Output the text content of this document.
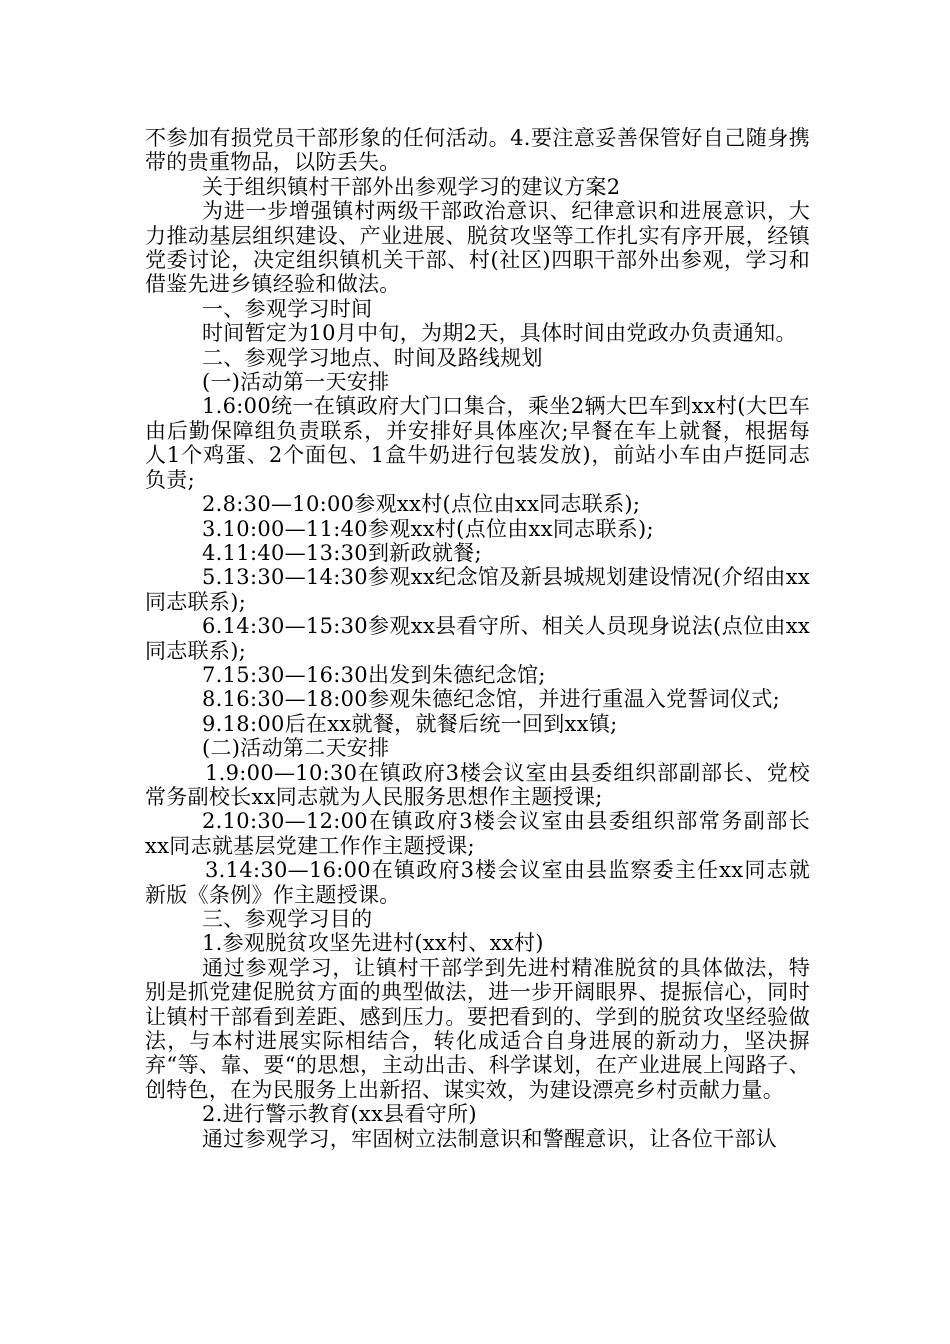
不参加有损党员干部形象的任何活动。4.要注意妥善保管好自己随身携带的贵重物品，以防丢失。

关于组织镇村干部外出参观学习的建议方案2

为进一步增强镇村两级干部政治意识、纪律意识和进展意识，大力推动基层组织建设、产业进展、脱贫攻坚等工作扎实有序开展，经镇党委讨论，决定组织镇机关干部、村(社区)四职干部外出参观，学习和借鉴先进乡镇经验和做法。

一、参观学习时间

时间暂定为10月中旬，为期2天，具体时间由党政办负责通知。

二、参观学习地点、时间及路线规划

(一)活动第一天安排

1.6:00统一在镇政府大门口集合，乘坐2辆大巴车到xx村(大巴车由后勤保障组负责联系，并安排好具体座次;早餐在车上就餐，根据每人1个鸡蛋、2个面包、1盒牛奶进行包装发放)，前站小车由卢挺同志负责;

2.8:30—10:00参观xx村(点位由xx同志联系);

3.10:00—11:40参观xx村(点位由xx同志联系);

4.11:40—13:30到新政就餐;

5.13:30—14:30参观xx纪念馆及新县城规划建设情况(介绍由xx同志联系);

6.14:30—15:30参观xx县看守所、相关人员现身说法(点位由xx同志联系);

7.15:30—16:30出发到朱德纪念馆;

8.16:30—18:00参观朱德纪念馆，并进行重温入党誓词仪式;

9.18:00后在xx就餐，就餐后统一回到xx镇;

(二)活动第二天安排

1.9:00—10:30在镇政府3楼会议室由县委组织部副部长、党校常务副校长xx同志就为人民服务思想作主题授课;

2.10:30—12:00在镇政府3楼会议室由县委组织部常务副部长xx同志就基层党建工作作主题授课;

3.14:30—16:00在镇政府3楼会议室由县监察委主任xx同志就新版《条例》作主题授课。

三、参观学习目的

1.参观脱贫攻坚先进村(xx村、xx村)

通过参观学习，让镇村干部学到先进村精准脱贫的具体做法，特别是抓党建促脱贫方面的典型做法，进一步开阔眼界、提振信心，同时让镇村干部看到差距、感到压力。要把看到的、学到的脱贫攻坚经验做法，与本村进展实际相结合，转化成适合自身进展的新动力，坚决摒弃“等、靠、要“的思想，主动出击、科学谋划，在产业进展上闯路子、创特色，在为民服务上出新招、谋实效，为建设漂亮乡村贡献力量。

2.进行警示教育(xx县看守所)

通过参观学习，牢固树立法制意识和警醒意识，让各位干部认
